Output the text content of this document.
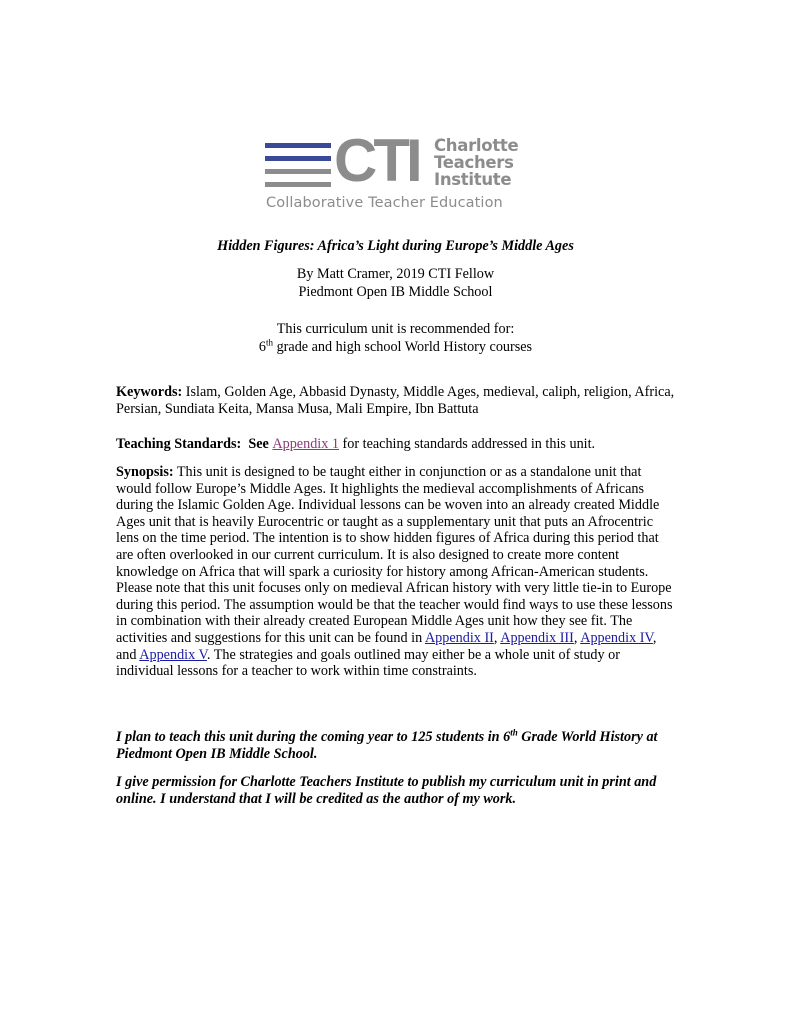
CTI Charlotte
Teachers
Institute
Collaborative Teacher Education
Hidden Figures: Africa’s Light during Europe’s Middle Ages
By Matt Cramer, 2019 CTI Fellow
Piedmont Open IB Middle School
This curriculum unit is recommended for:
6th grade and high school World History courses

Keywords: Islam, Golden Age, Abbasid Dynasty, Middle Ages, medieval, caliph, religion, Africa, Persian, Sundiata Keita, Mansa Musa, Mali Empire, Ibn Battuta

Teaching Standards:  See Appendix 1 for teaching standards addressed in this unit.

Synopsis: This unit is designed to be taught either in conjunction or as a standalone unit that would follow Europe’s Middle Ages. It highlights the medieval accomplishments of Africans during the Islamic Golden Age. Individual lessons can be woven into an already created Middle Ages unit that is heavily Eurocentric or taught as a supplementary unit that puts an Afrocentric lens on the time period. The intention is to show hidden figures of Africa during this period that are often overlooked in our current curriculum. It is also designed to create more content knowledge on Africa that will spark a curiosity for history among African-American students. Please note that this unit focuses only on medieval African history with very little tie-in to Europe during this period. The assumption would be that the teacher would find ways to use these lessons in combination with their already created European Middle Ages unit how they see fit. The activities and suggestions for this unit can be found in Appendix II, Appendix III, Appendix IV, and Appendix V. The strategies and goals outlined may either be a whole unit of study or individual lessons for a teacher to work within time constraints.

I plan to teach this unit during the coming year to 125 students in 6th Grade World History at Piedmont Open IB Middle School.

I give permission for Charlotte Teachers Institute to publish my curriculum unit in print and online. I understand that I will be credited as the author of my work.
